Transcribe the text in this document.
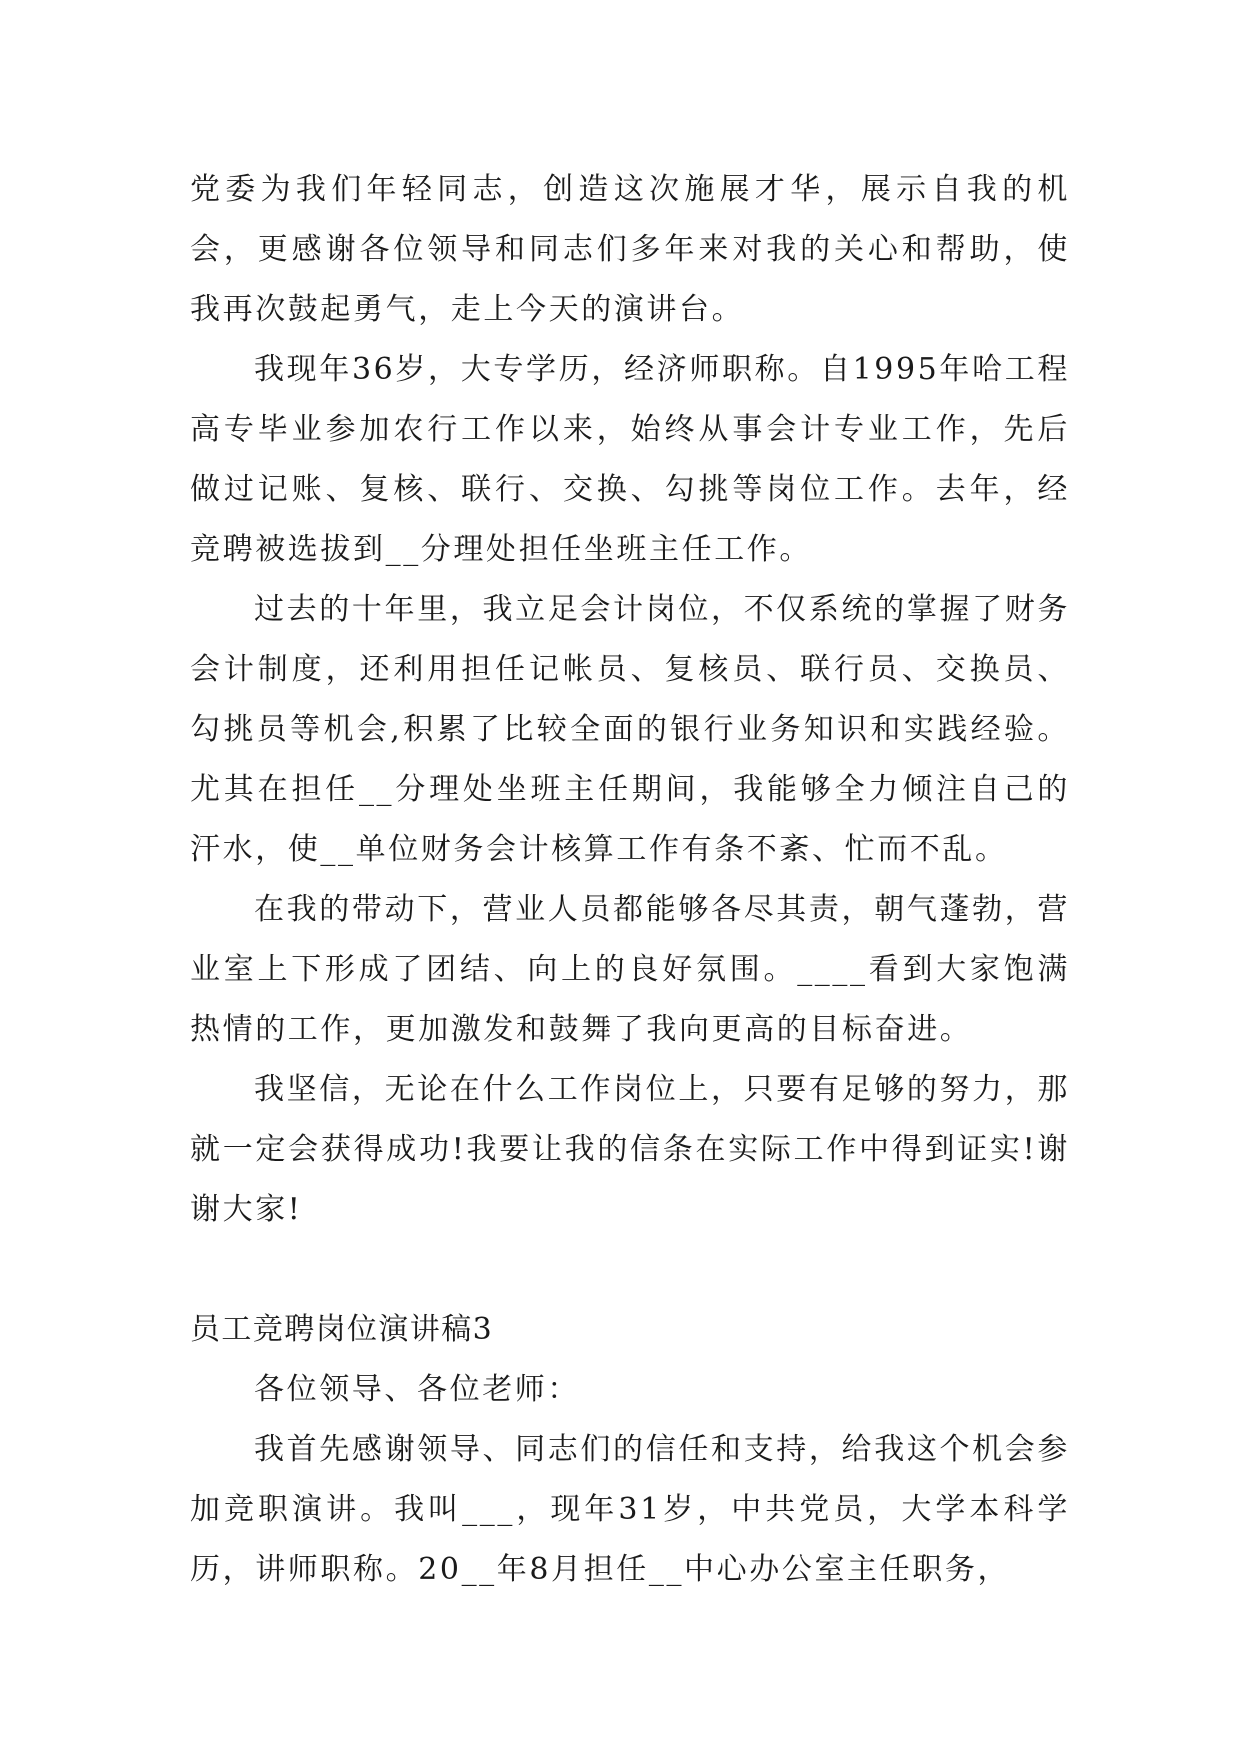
党委为我们年轻同志，创造这次施展才华，展示自我的机会，更感谢各位领导和同志们多年来对我的关心和帮助，使我再次鼓起勇气，走上今天的演讲台。

我现年36岁，大专学历，经济师职称。自1995年哈工程高专毕业参加农行工作以来，始终从事会计专业工作，先后做过记账、复核、联行、交换、勾挑等岗位工作。去年，经竞聘被选拔到__分理处担任坐班主任工作。

过去的十年里，我立足会计岗位，不仅系统的掌握了财务会计制度，还利用担任记帐员、复核员、联行员、交换员、勾挑员等机会,积累了比较全面的银行业务知识和实践经验。尤其在担任__分理处坐班主任期间，我能够全力倾注自己的汗水，使__单位财务会计核算工作有条不紊、忙而不乱。

在我的带动下，营业人员都能够各尽其责，朝气蓬勃，营业室上下形成了团结、向上的良好氛围。____看到大家饱满热情的工作，更加激发和鼓舞了我向更高的目标奋进。

我坚信，无论在什么工作岗位上，只要有足够的努力，那就一定会获得成功!我要让我的信条在实际工作中得到证实!谢谢大家!

员工竞聘岗位演讲稿3

各位领导、各位老师：

我首先感谢领导、同志们的信任和支持，给我这个机会参加竞职演讲。我叫___，现年31岁，中共党员，大学本科学历，讲师职称。20__年8月担任__中心办公室主任职务，
